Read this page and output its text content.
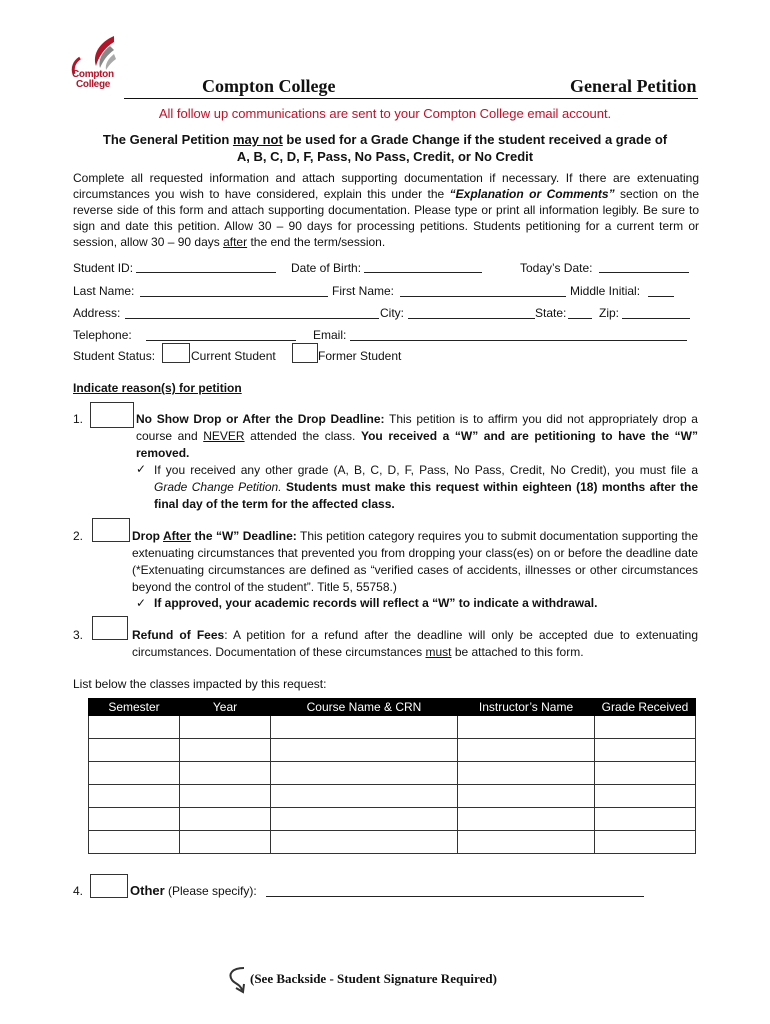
Compton
College	Compton College	General Petition
All follow up communications are sent to your Compton College email account.
The General Petition may not be used for a Grade Change if the student received a grade of
A, B, C, D, F, Pass, No Pass, Credit, or No Credit
Complete all requested information and attach supporting documentation if necessary. If there are extenuating circumstances you wish to have considered, explain this under the “Explanation or Comments” section on the reverse side of this form and attach supporting documentation. Please type or print all information legibly. Be sure to sign and date this petition. Allow 30 – 90 days for processing petitions. Students petitioning for a current term or session, allow 30 – 90 days after the end the term/session.
Student ID:	Date of Birth:	Today’s Date:
Last Name:	First Name:	Middle Initial:
Address:	City:	State:	Zip:
Telephone:	Email:
Student Status:	Current Student	Former Student
Indicate reason(s) for petition
1.	No Show Drop or After the Drop Deadline: This petition is to affirm you did not appropriately drop a course and NEVER attended the class. You received a “W” and are petitioning to have the “W” removed.
✓ If you received any other grade (A, B, C, D, F, Pass, No Pass, Credit, No Credit), you must file a Grade Change Petition. Students must make this request within eighteen (18) months after the final day of the term for the affected class.
2.	Drop After the “W” Deadline: This petition category requires you to submit documentation supporting the extenuating circumstances that prevented you from dropping your class(es) on or before the deadline date (*Extenuating circumstances are defined as “verified cases of accidents, illnesses or other circumstances beyond the control of the student”. Title 5, 55758.)
✓ If approved, your academic records will reflect a “W” to indicate a withdrawal.
3.	Refund of Fees: A petition for a refund after the deadline will only be accepted due to extenuating circumstances. Documentation of these circumstances must be attached to this form.
List below the classes impacted by this request:
Semester	Year	Course Name & CRN	Instructor’s Name	Grade Received

4.	Other (Please specify):
(See Backside - Student Signature Required)
